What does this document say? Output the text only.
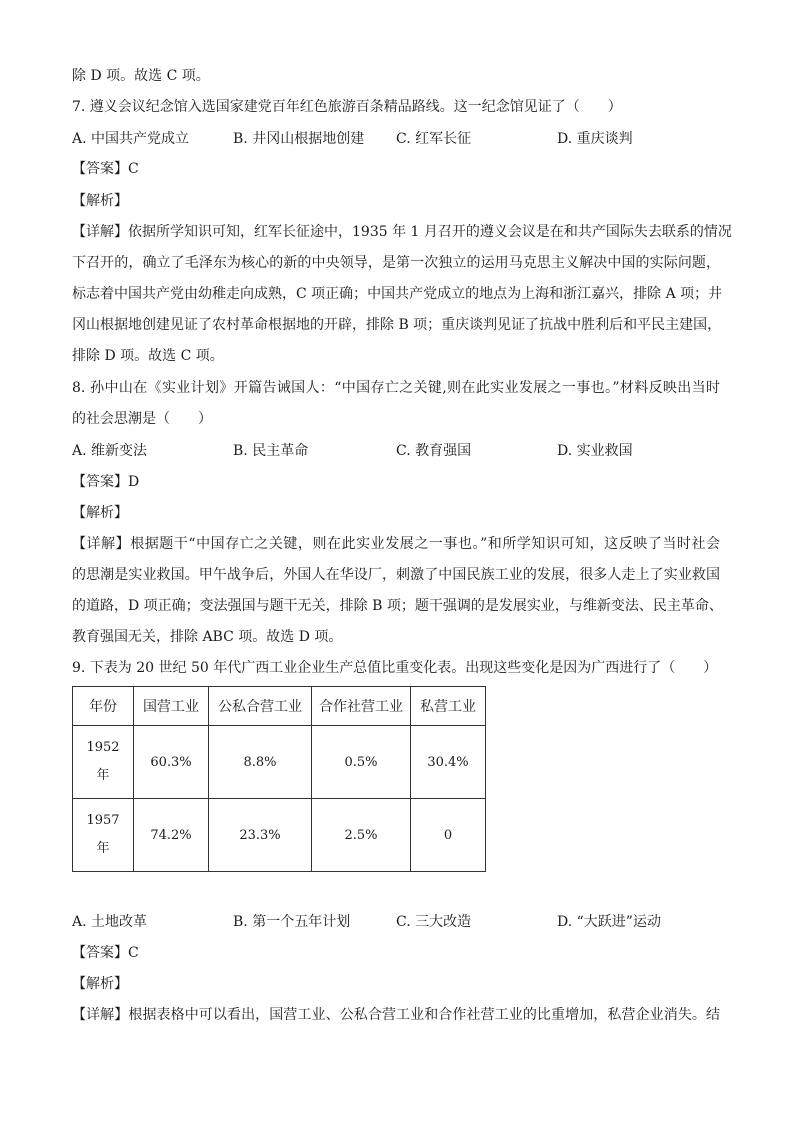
除 D 项。故选 C 项。
7. 遵义会议纪念馆入选国家建党百年红色旅游百条精品路线。这一纪念馆见证了（　　）
A. 中国共产党成立	B. 井冈山根据地创建 C. 红军长征	D. 重庆谈判
【答案】C
【解析】
【详解】依据所学知识可知，红军长征途中，1935 年 1 月召开的遵义会议是在和共产国际失去联系的情况
下召开的，确立了毛泽东为核心的新的中央领导，是第一次独立的运用马克思主义解决中国的实际问题，
标志着中国共产党由幼稚走向成熟，C 项正确；中国共产党成立的地点为上海和浙江嘉兴，排除 A 项；井
冈山根据地创建见证了农村革命根据地的开辟，排除 B 项；重庆谈判见证了抗战中胜利后和平民主建国，
排除 D 项。故选 C 项。
8. 孙中山在《实业计划》开篇告诫国人：“中国存亡之关键,则在此实业发展之一事也。”材料反映出当时
的社会思潮是（　　）
A. 维新变法	B. 民主革命	C. 教育强国	D. 实业救国
【答案】D
【解析】
【详解】根据题干“中国存亡之关键，则在此实业发展之一事也。”和所学知识可知，这反映了当时社会
的思潮是实业救国。甲午战争后，外国人在华设厂，刺激了中国民族工业的发展，很多人走上了实业救国
的道路，D 项正确；变法强国与题干无关，排除 B 项；题干强调的是发展实业，与维新变法、民主革命、
教育强国无关，排除 ABC 项。故选 D 项。
9. 下表为 20 世纪 50 年代广西工业企业生产总值比重变化表。出现这些变化是因为广西进行了（　　）
年份	国营工业	公私合营工业	合作社营工业	私营工业
1952 年	60.3%	8.8%	0.5%	30.4%
1957 年	74.2%	23.3%	2.5%	0
A. 土地改革	B. 第一个五年计划	C. 三大改造	D. “大跃进”运动
【答案】C
【解析】
【详解】根据表格中可以看出，国营工业、公私合营工业和合作社营工业的比重增加，私营企业消失。结
